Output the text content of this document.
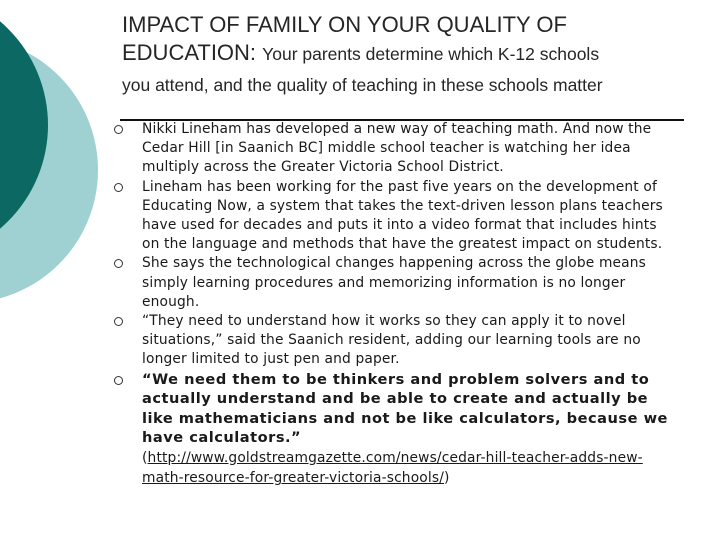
IMPACT OF FAMILY ON YOUR QUALITY OF
EDUCATION: Your parents determine which K-12 schools
you attend, and the quality of teaching in these schools matter
Nikki Lineham has developed a new way of teaching math. And now the Cedar Hill [in Saanich BC] middle school teacher is watching her idea multiply across the Greater Victoria School District.
Lineham has been working for the past five years on the development of Educating Now, a system that takes the text-driven lesson plans teachers have used for decades and puts it into a video format that includes hints on the language and methods that have the greatest impact on students.
She says the technological changes happening across the globe means simply learning procedures and memorizing information is no longer enough.
“They need to understand how it works so they can apply it to novel situations,” said the Saanich resident, adding our learning tools are no longer limited to just pen and paper.
“We need them to be thinkers and problem solvers and to actually understand and be able to create and actually be like mathematicians and not be like calculators, because we have calculators.”
(http://www.goldstreamgazette.com/news/cedar-hill-teacher-adds-new-math-resource-for-greater-victoria-schools/)
